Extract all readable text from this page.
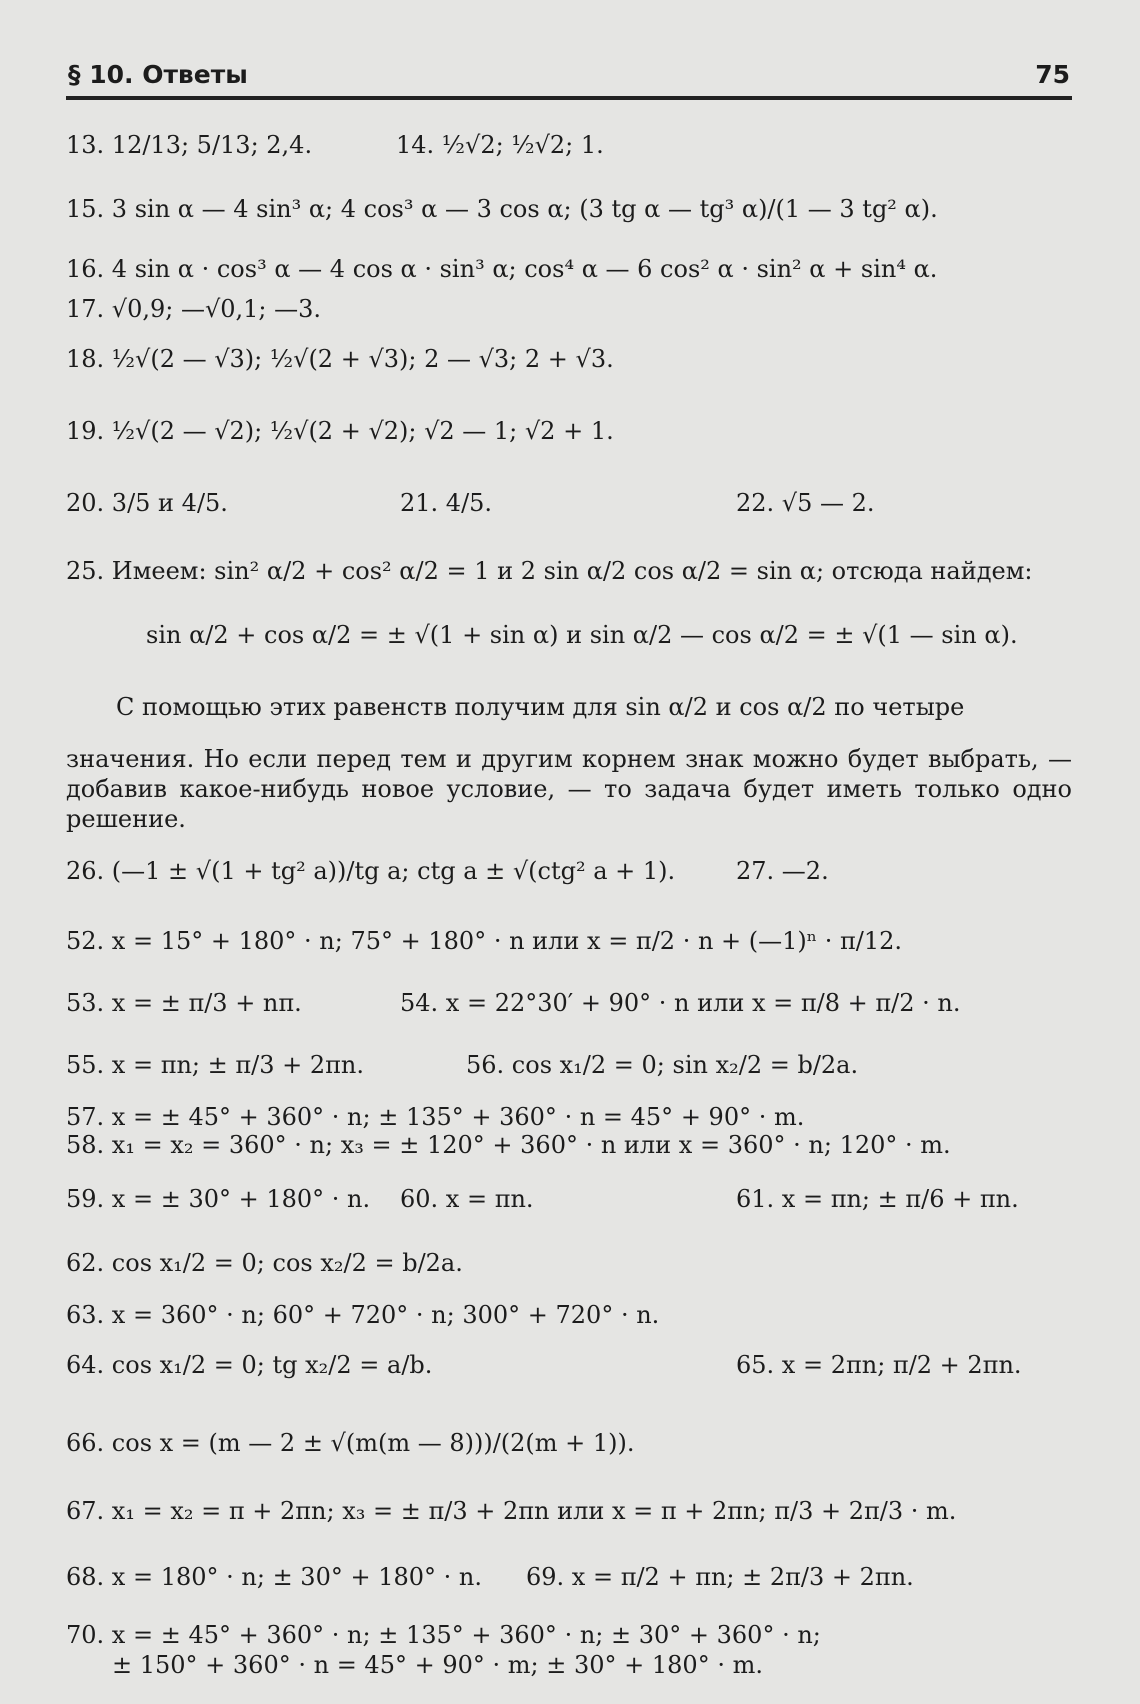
§ 10. Ответы	75
13. 12/13; 5/13; 2,4.	14. ½√2; ½√2; 1.
15. 3 sin α — 4 sin³ α; 4 cos³ α — 3 cos α; (3 tg α — tg³ α)/(1 — 3 tg² α).
16. 4 sin α · cos³ α — 4 cos α · sin³ α; cos⁴ α — 6 cos² α · sin² α + sin⁴ α.
17. √0,9; —√0,1; —3.
18. ½√(2 — √3); ½√(2 + √3); 2 — √3; 2 + √3.
19. ½√(2 — √2); ½√(2 + √2); √2 — 1; √2 + 1.
20. 3/5 и 4/5.	21. 4/5.	22. √5 — 2.
25. Имеем: sin² α/2 + cos² α/2 = 1 и 2 sin α/2 cos α/2 = sin α; отсюда найдем:
sin α/2 + cos α/2 = ± √(1 + sin α) и sin α/2 — cos α/2 = ± √(1 — sin α).
С помощью этих равенств получим для sin α/2 и cos α/2 по четыре

значения. Но если перед тем и другим корнем знак можно будет выбрать, — добавив какое-нибудь новое условие, — то задача будет иметь только одно решение.

26. (—1 ± √(1 + tg² a))/tg a; ctg a ± √(ctg² a + 1).	27. —2.
52. x = 15° + 180° · n; 75° + 180° · n или x = π/2 · n + (—1)ⁿ · π/12.
53. x = ± π/3 + nπ.	54. x = 22°30′ + 90° · n или x = π/8 + π/2 · n.
55. x = πn; ± π/3 + 2πn.	56. cos x₁/2 = 0; sin x₂/2 = b/2a.
57. x = ± 45° + 360° · n; ± 135° + 360° · n = 45° + 90° · m.
58. x₁ = x₂ = 360° · n; x₃ = ± 120° + 360° · n или x = 360° · n; 120° · m.
59. x = ± 30° + 180° · n. 60. x = πn.	61. x = πn; ± π/6 + πn.
62. cos x₁/2 = 0; cos x₂/2 = b/2a.
63. x = 360° · n; 60° + 720° · n; 300° + 720° · n.
64. cos x₁/2 = 0; tg x₂/2 = a/b.	65. x = 2πn; π/2 + 2πn.
66. cos x = (m — 2 ± √(m(m — 8)))/(2(m + 1)).
67. x₁ = x₂ = π + 2πn; x₃ = ± π/3 + 2πn или x = π + 2πn; π/3 + 2π/3 · m.
68. x = 180° · n; ± 30° + 180° · n. 69. x = π/2 + πn; ± 2π/3 + 2πn.
70. x = ± 45° + 360° · n; ± 135° + 360° · n; ± 30° + 360° · n;
± 150° + 360° · n = 45° + 90° · m; ± 30° + 180° · m.
